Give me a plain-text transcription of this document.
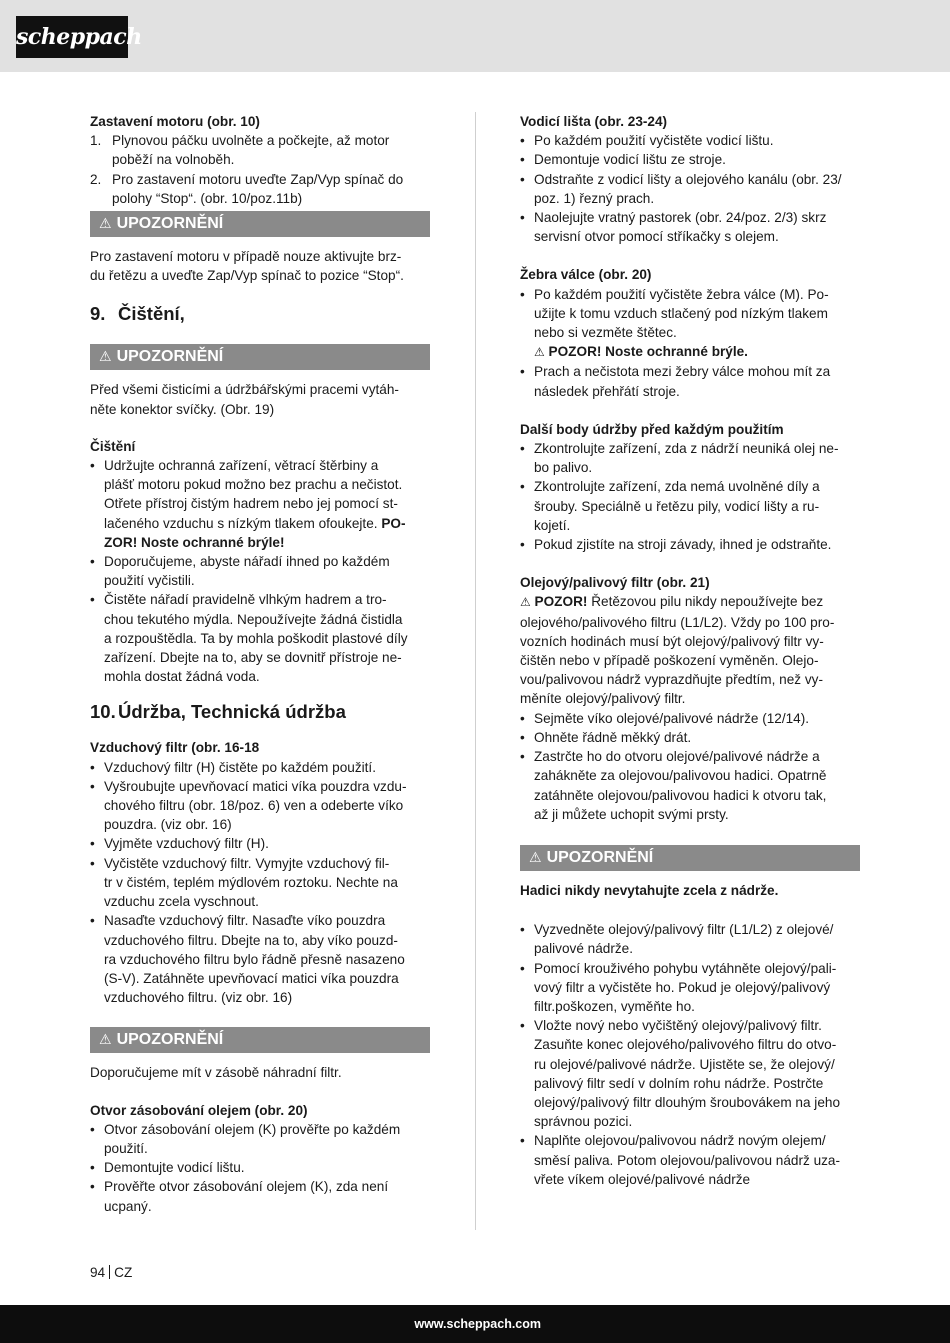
scheppach
Zastavení motoru (obr. 10)
1. Plynovou páčku uvolněte a počkejte, až motor
poběží na volnoběh.
2. Pro zastavení motoru uveďte Zap/Vyp spínač do
polohy “Stop“. (obr. 10/poz.11b)
⚠ UPOZORNĚNÍ
Pro zastavení motoru v případě nouze aktivujte brz-
du řetězu a uveďte Zap/Vyp spínač to pozice “Stop“.
9. Čištění,
⚠ UPOZORNĚNÍ
Před všemi čisticími a údržbářskými pracemi vytáh-
něte konektor svíčky. (Obr. 19)
Čištění
• Udržujte ochranná zařízení, větrací štěrbiny a
plášť motoru pokud možno bez prachu a nečistot.
Otřete přístroj čistým hadrem nebo jej pomocí st-
lačeného vzduchu s nízkým tlakem ofoukejte. PO-
ZOR! Noste ochranné brýle!
• Doporučujeme, abyste nářadí ihned po každém
použití vyčistili.
• Čistěte nářadí pravidelně vlhkým hadrem a tro-
chou tekutého mýdla. Nepoužívejte žádná čistidla
a rozpouštědla. Ta by mohla poškodit plastové díly
zařízení. Dbejte na to, aby se dovnitř přístroje ne-
mohla dostat žádná voda.
10. Údržba, Technická údržba
Vzduchový filtr (obr. 16-18
• Vzduchový filtr (H) čistěte po každém použití.
• Vyšroubujte upevňovací matici víka pouzdra vzdu-
chového filtru (obr. 18/poz. 6) ven a odeberte víko
pouzdra. (viz obr. 16)
• Vyjměte vzduchový filtr (H).
• Vyčistěte vzduchový filtr. Vymyjte vzduchový fil-
tr v čistém, teplém mýdlovém roztoku. Nechte na
vzduchu zcela vyschnout.
• Nasaďte vzduchový filtr. Nasaďte víko pouzdra
vzduchového filtru. Dbejte na to, aby víko pouzd-
ra vzduchového filtru bylo řádně přesně nasazeno
(S-V). Zatáhněte upevňovací matici víka pouzdra
vzduchového filtru. (viz obr. 16)
⚠ UPOZORNĚNÍ
Doporučujeme mít v zásobě náhradní filtr.
Otvor zásobování olejem (obr. 20)
• Otvor zásobování olejem (K) prověřte po každém
použití.
• Demontujte vodicí lištu.
• Prověřte otvor zásobování olejem (K), zda není
ucpaný.
Vodicí lišta (obr. 23-24)
• Po každém použití vyčistěte vodicí lištu.
• Demontuje vodicí lištu ze stroje.
• Odstraňte z vodicí lišty a olejového kanálu (obr. 23/
poz. 1) řezný prach.
• Naolejujte vratný pastorek (obr. 24/poz. 2/3) skrz
servisní otvor pomocí stříkačky s olejem.
Žebra válce (obr. 20)
• Po každém použití vyčistěte žebra válce (M). Po-
užijte k tomu vzduch stlačený pod nízkým tlakem
nebo si vezměte štětec.
⚠ POZOR! Noste ochranné brýle.
• Prach a nečistota mezi žebry válce mohou mít za
následek přehřátí stroje.
Další body údržby před každým použitím
• Zkontrolujte zařízení, zda z nádrží neuniká olej ne-
bo palivo.
• Zkontrolujte zařízení, zda nemá uvolněné díly a
šrouby. Speciálně u řetězu pily, vodicí lišty a ru-
kojetí.
• Pokud zjistíte na stroji závady, ihned je odstraňte.
Olejový/palivový filtr (obr. 21)
⚠ POZOR! Řetězovou pilu nikdy nepoužívejte bez
olejového/palivového filtru (L1/L2). Vždy po 100 pro-
vozních hodinách musí být olejový/palivový filtr vy-
čištěn nebo v případě poškození vyměněn. Olejo-
vou/palivovou nádrž vyprazdňujte předtím, než vy-
měníte olejový/palivový filtr.
• Sejměte víko olejové/palivové nádrže (12/14).
• Ohněte řádně měkký drát.
• Zastrčte ho do otvoru olejové/palivové nádrže a
zahákněte za olejovou/palivovou hadici. Opatrně
zatáhněte olejovou/palivovou hadici k otvoru tak,
až ji můžete uchopit svými prsty.
⚠ UPOZORNĚNÍ
Hadici nikdy nevytahujte zcela z nádrže.
• Vyzvedněte olejový/palivový filtr (L1/L2) z olejové/
palivové nádrže.
• Pomocí krouživého pohybu vytáhněte olejový/pali-
vový filtr a vyčistěte ho. Pokud je olejový/palivový
filtr.poškozen, vyměňte ho.
• Vložte nový nebo vyčištěný olejový/palivový filtr.
Zasuňte konec olejového/palivového filtru do otvo-
ru olejové/palivové nádrže. Ujistěte se, že olejový/
palivový filtr sedí v dolním rohu nádrže. Postrčte
olejový/palivový filtr dlouhým šroubovákem na jeho
správnou pozici.
• Naplňte olejovou/palivovou nádrž novým olejem/
směsí paliva. Potom olejovou/palivovou nádrž uza-
vřete víkem olejové/palivové nádrže
94 CZ
www.scheppach.com
